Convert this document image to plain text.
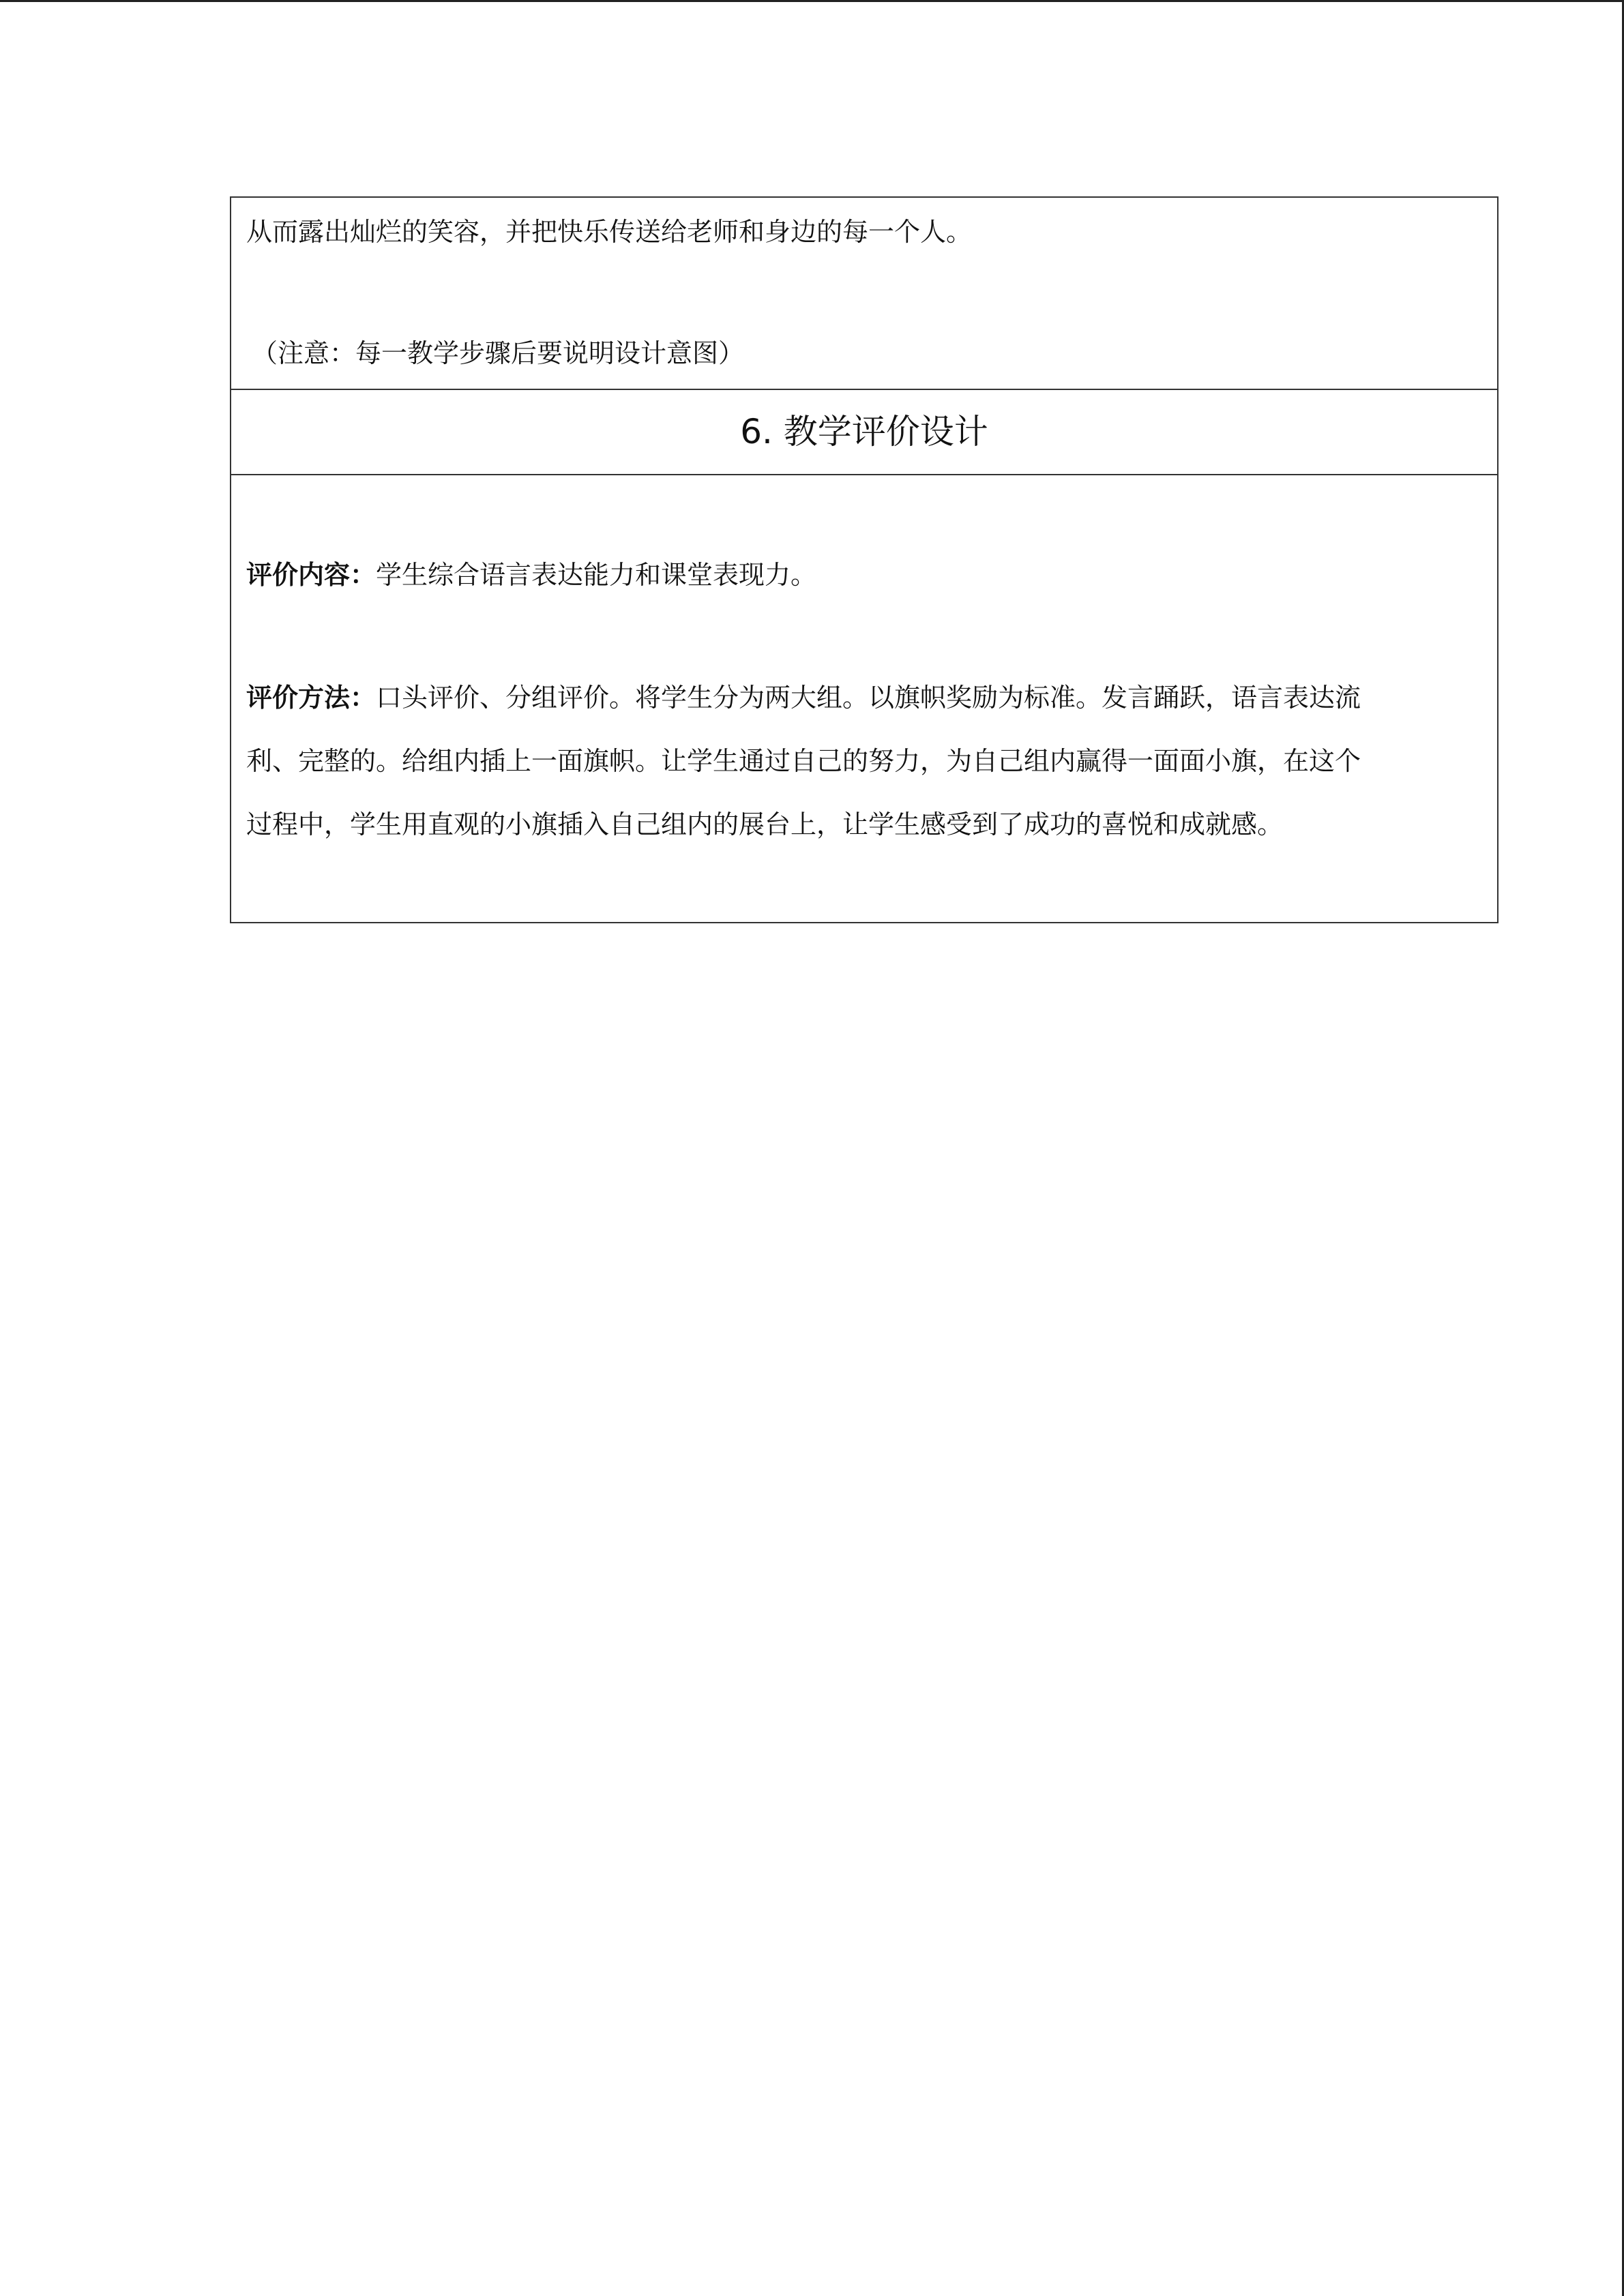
从而露出灿烂的笑容，并把快乐传送给老师和身边的每一个人。
（注意：每一教学步骤后要说明设计意图）

6. 教学评价设计

评价内容：学生综合语言表达能力和课堂表现力。
评价方法：口头评价、分组评价。将学生分为两大组。以旗帜奖励为标准。发言踊跃，语言表达流
利、完整的。给组内插上一面旗帜。让学生通过自己的努力，为自己组内赢得一面面小旗，在这个
过程中，学生用直观的小旗插入自己组内的展台上，让学生感受到了成功的喜悦和成就感。
